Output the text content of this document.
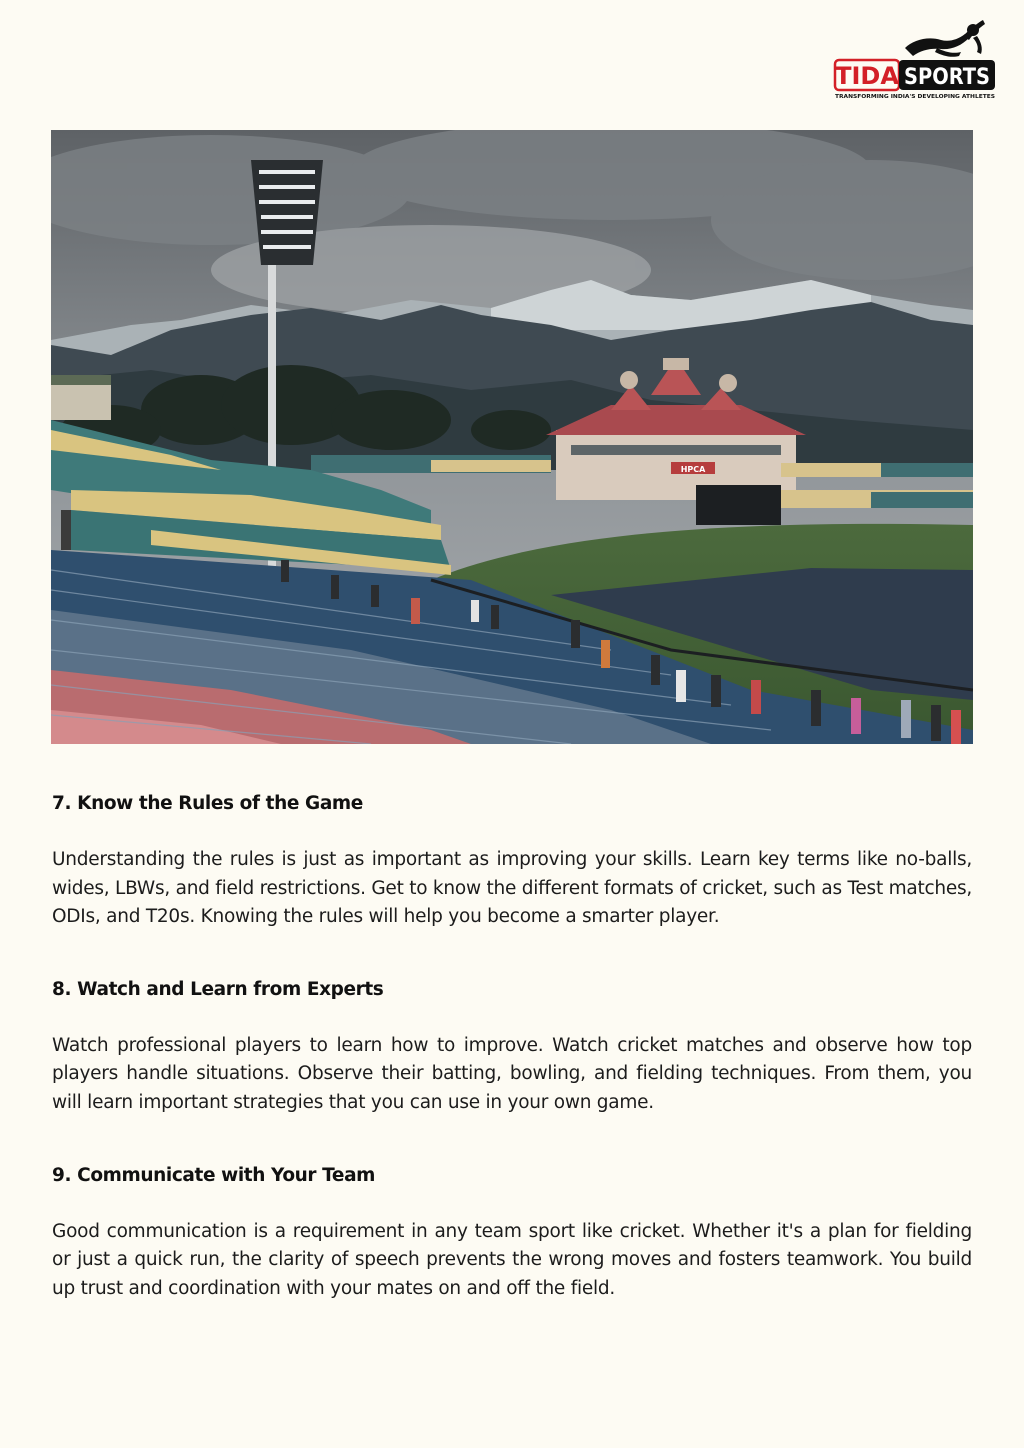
TIDA SPORTS
TRANSFORMING INDIA'S DEVELOPING ATHLETES
HPCA
7. Know the Rules of the Game

Understanding the rules is just as important as improving your skills. Learn key terms like no-balls, wides, LBWs, and field restrictions. Get to know the different formats of cricket, such as Test matches, ODIs, and T20s. Knowing the rules will help you become a smarter player.

8. Watch and Learn from Experts

Watch professional players to learn how to improve. Watch cricket matches and observe how top players handle situations. Observe their batting, bowling, and fielding techniques. From them, you will learn important strategies that you can use in your own game.

9. Communicate with Your Team

Good communication is a requirement in any team sport like cricket. Whether it's a plan for fielding or just a quick run, the clarity of speech prevents the wrong moves and fosters teamwork. You build up trust and coordination with your mates on and off the field.
